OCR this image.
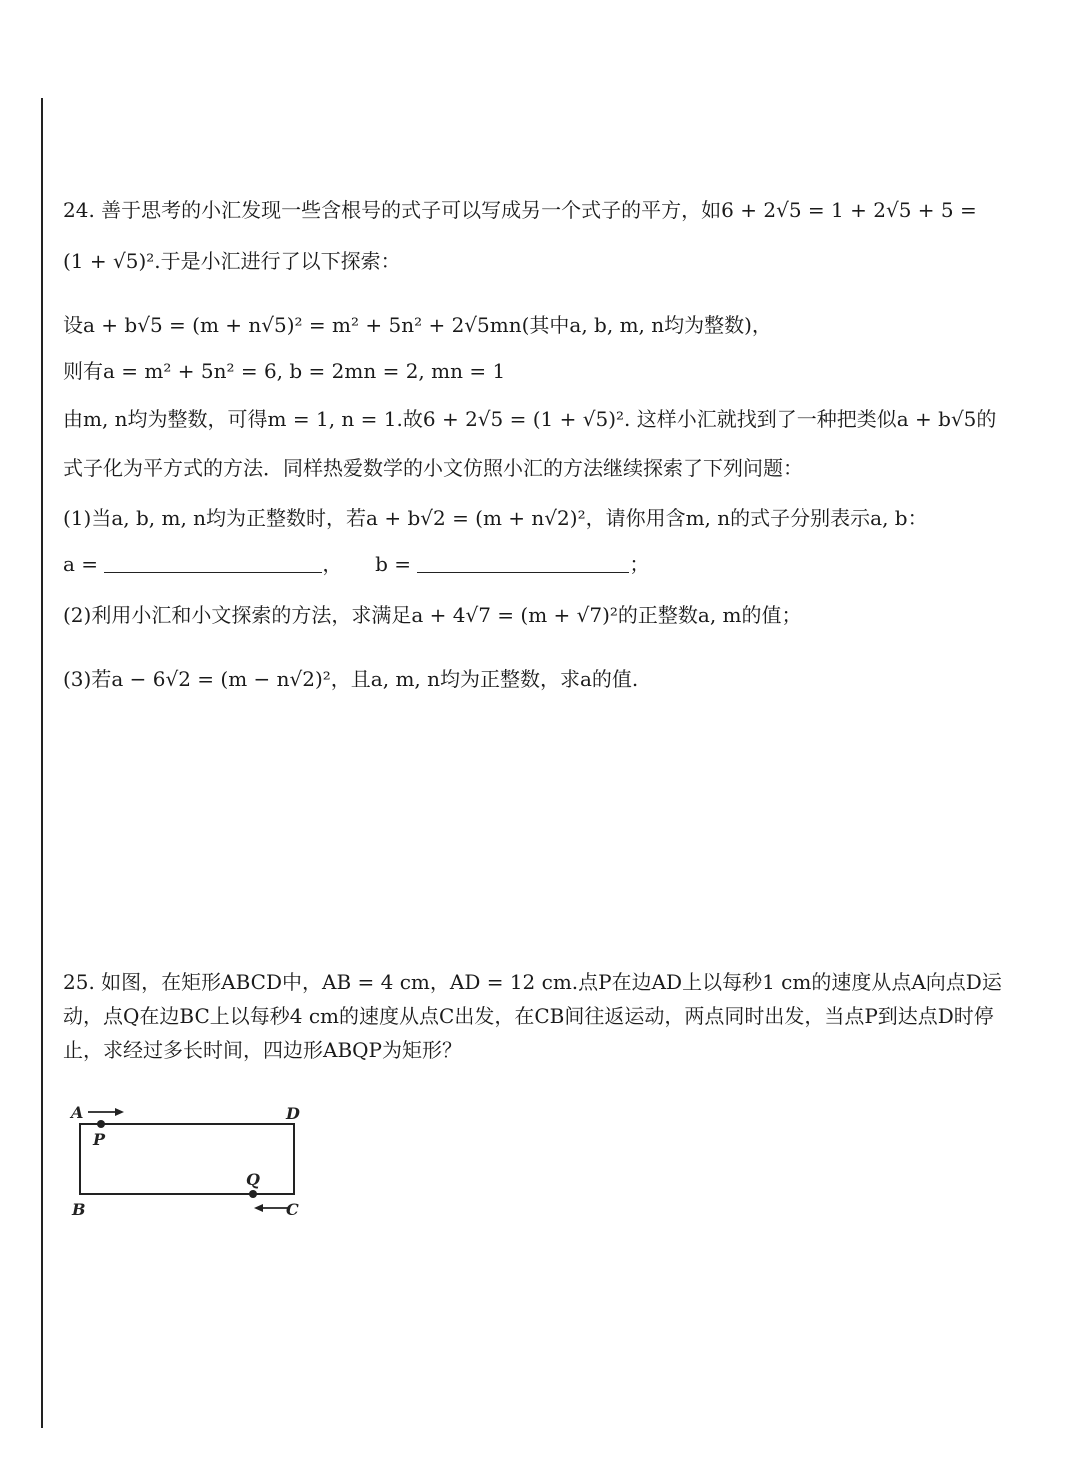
24. 善于思考的小汇发现一些含根号的式子可以写成另一个式子的平方，如6 + 2√5 = 1 + 2√5 + 5 =
(1 + √5)².于是小汇进行了以下探索：
设a + b√5 = (m + n√5)² = m² + 5n² + 2√5mn(其中a, b, m, n均为整数)，
则有a = m² + 5n² = 6, b = 2mn = 2, mn = 1
由m, n均为整数，可得m = 1, n = 1.故6 + 2√5 = (1 + √5)². 这样小汇就找到了一种把类似a + b√5的
式子化为平方式的方法．同样热爱数学的小文仿照小汇的方法继续探索了下列问题：
(1)当a, b, m, n均为正整数时，若a + b√2 = (m + n√2)²，请你用含m, n的式子分别表示a, b：
a =	， b =	；
(2)利用小汇和小文探索的方法，求满足a + 4√7 = (m + √7)²的正整数a, m的值；
(3)若a − 6√2 = (m − n√2)²，且a, m, n均为正整数，求a的值.
25. 如图，在矩形ABCD中，AB = 4 cm，AD = 12 cm.点P在边AD上以每秒1 cm的速度从点A向点D运
动，点Q在边BC上以每秒4 cm的速度从点C出发，在CB间往返运动，两点同时出发，当点P到达点D时停
止，求经过多长时间，四边形ABQP为矩形？
A	D
P
Q
B	C
